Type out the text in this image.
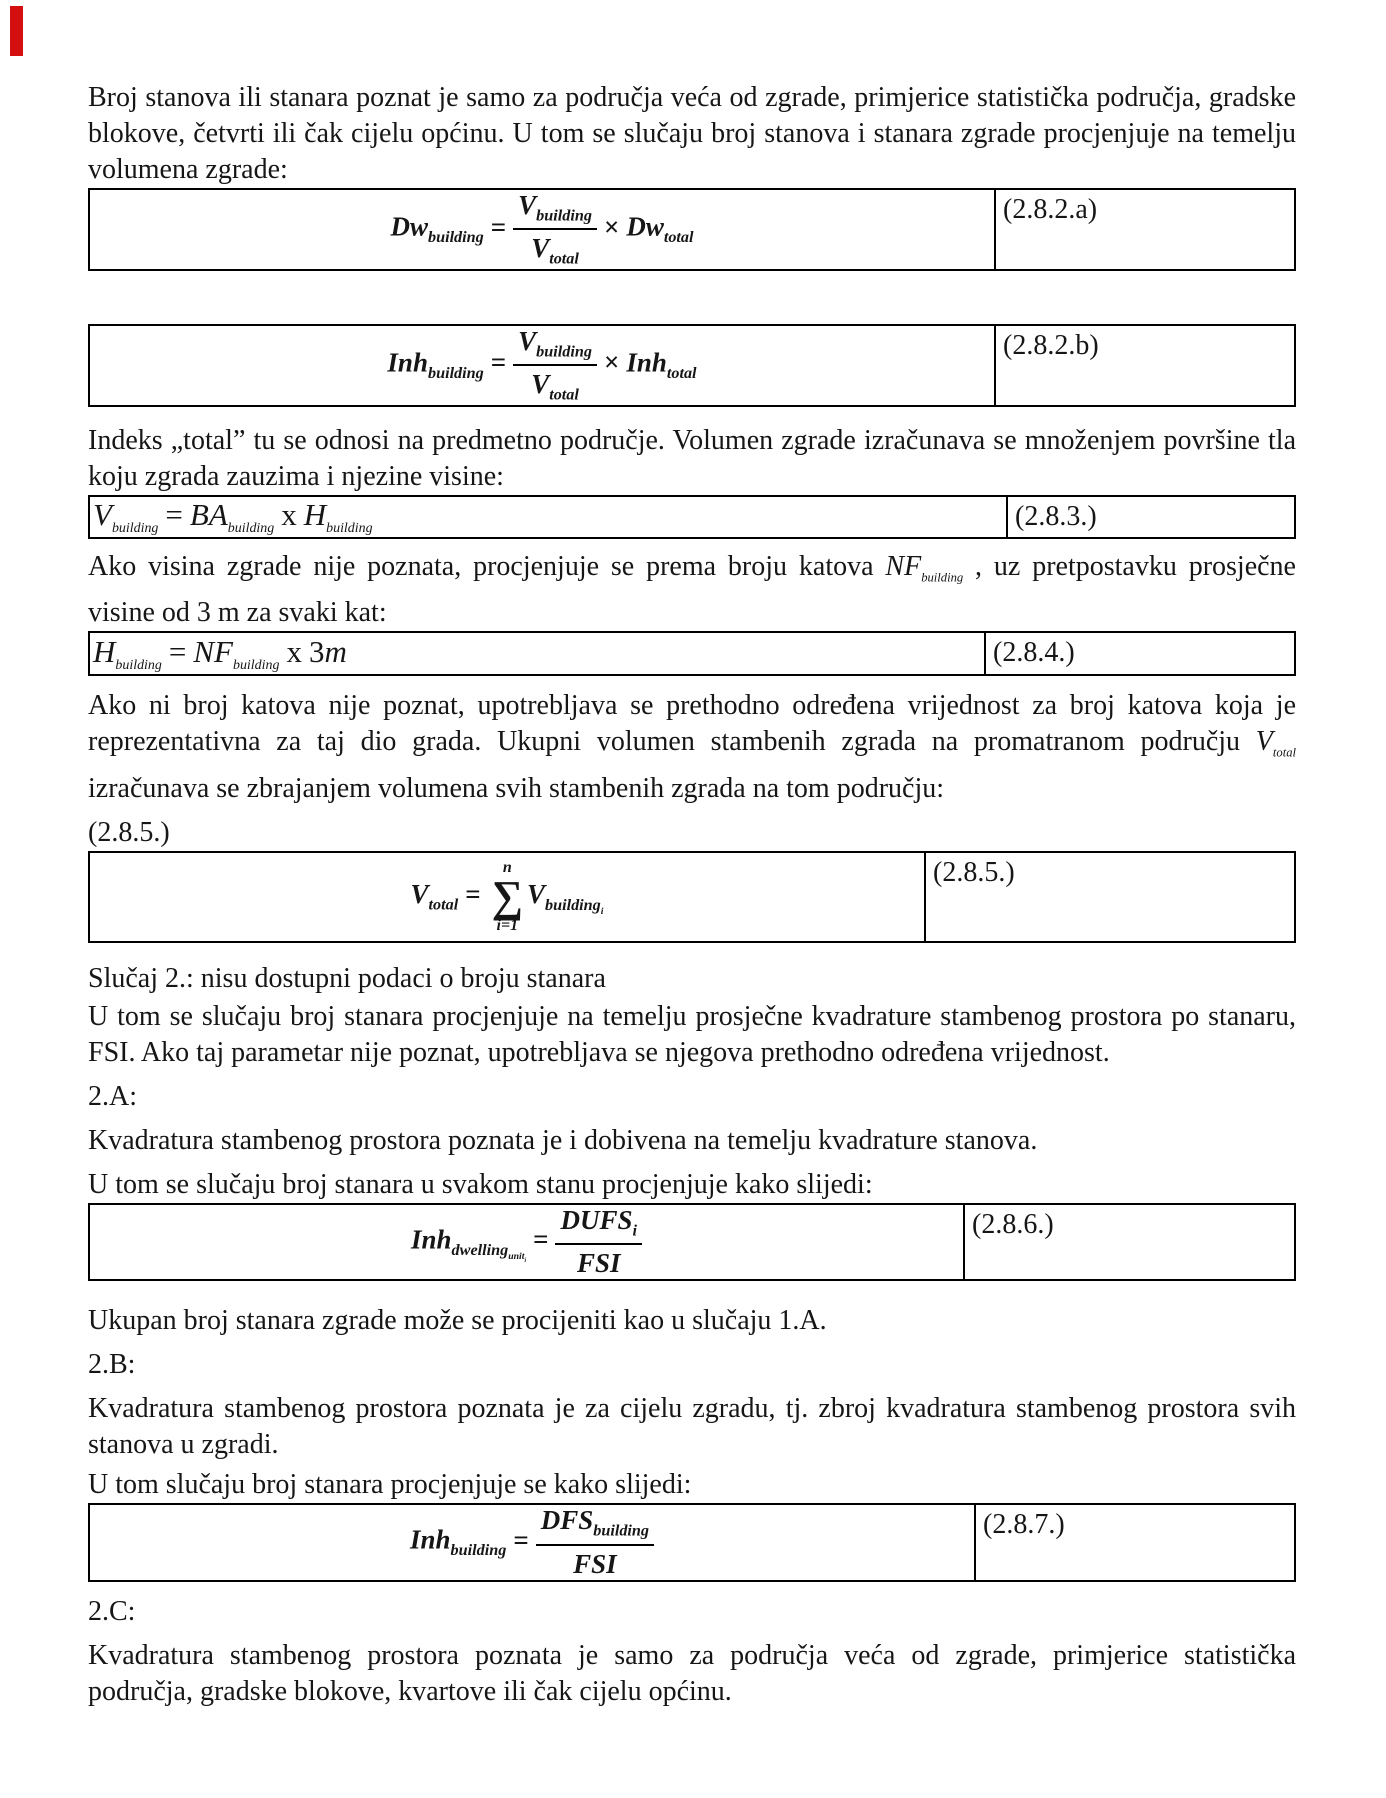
Broj stanova ili stanara poznat je samo za područja veća od zgrade, primjerice statistička područja, gradske blokove, četvrti ili čak cijelu općinu. U tom se slučaju broj stanova i stanara zgrade procjenjuje na temelju volumena zgrade:

$Dw_{building} = \frac{V_{building}}{V_{total}} \times Dw_{total}$
(2.8.2.a)
$Inh_{building} = \frac{V_{building}}{V_{total}} \times Inh_{total}$
(2.8.2.b)

Indeks „total” tu se odnosi na predmetno područje. Volumen zgrade izračunava se množenjem površine tla koju zgrada zauzima i njezine visine:

$V_{building} = BA_{building}$ x $H_{building}$	(2.8.3.)

Ako visina zgrade nije poznata, procjenjuje se prema broju katova $NF_{building}$ , uz pretpostavku prosječne visine od 3 m za svaki kat:

$H_{building} = NF_{building}$ x 3m	(2.8.4.)

Ako ni broj katova nije poznat, upotrebljava se prethodno određena vrijednost za broj katova koja je reprezentativna za taj dio grada. Ukupni volumen stambenih zgrada na promatranom području $V_{total}$ izračunava se zbrajanjem volumena svih stambenih zgrada na tom području:

(2.8.5.)

$V_{total}$ =
n
∑
i=1
$V_{building_i}$
(2.8.5.)

Slučaj 2.: nisu dostupni podaci o broju stanara

U tom se slučaju broj stanara procjenjuje na temelju prosječne kvadrature stambenog prostora po stanaru, FSI. Ako taj parametar nije poznat, upotrebljava se njegova prethodno određena vrijednost.

2.A:

Kvadratura stambenog prostora poznata je i dobivena na temelju kvadrature stanova.

U tom se slučaju broj stanara u svakom stanu procjenjuje kako slijedi:

$Inh_{dwelling_{unit_i}}= \frac{DUFS_i}{\text{FSI}}$	(2.8.6.)

Ukupan broj stanara zgrade može se procijeniti kao u slučaju 1.A.

2.B:

Kvadratura stambenog prostora poznata je za cijelu zgradu, tj. zbroj kvadratura stambenog prostora svih stanova u zgradi.

U tom slučaju broj stanara procjenjuje se kako slijedi:

$Inh_{building} = \frac{DFS_{building}}{\text{FSI}}$	(2.8.7.)

2.C:

Kvadratura stambenog prostora poznata je samo za područja veća od zgrade, primjerice statistička područja, gradske blokove, kvartove ili čak cijelu općinu.
